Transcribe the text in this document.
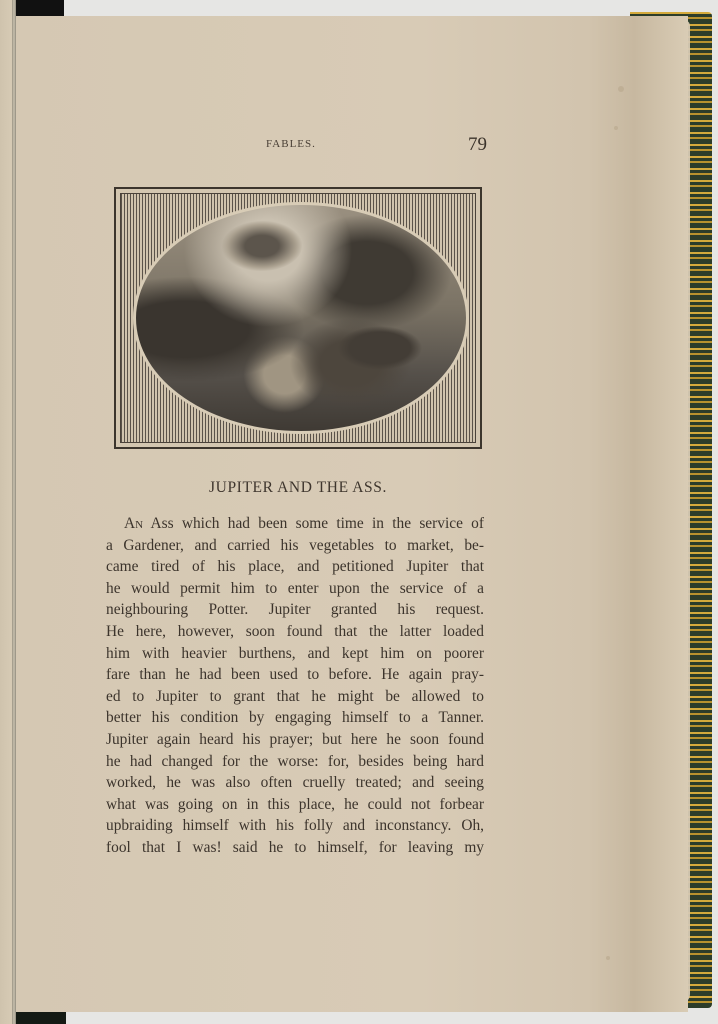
FABLES.	79
JUPITER AND THE ASS.
An Ass which had been some time in the service of
a Gardener, and carried his vegetables to market, be-
came tired of his place, and petitioned Jupiter that
he would permit him to enter upon the service of a
neighbouring Potter. Jupiter granted his request.
He here, however, soon found that the latter loaded
him with heavier burthens, and kept him on poorer
fare than he had been used to before. He again pray-
ed to Jupiter to grant that he might be allowed to
better his condition by engaging himself to a Tanner.
Jupiter again heard his prayer; but here he soon found
he had changed for the worse: for, besides being hard
worked, he was also often cruelly treated; and seeing
what was going on in this place, he could not forbear
upbraiding himself with his folly and inconstancy. Oh,
fool that I was! said he to himself, for leaving my
